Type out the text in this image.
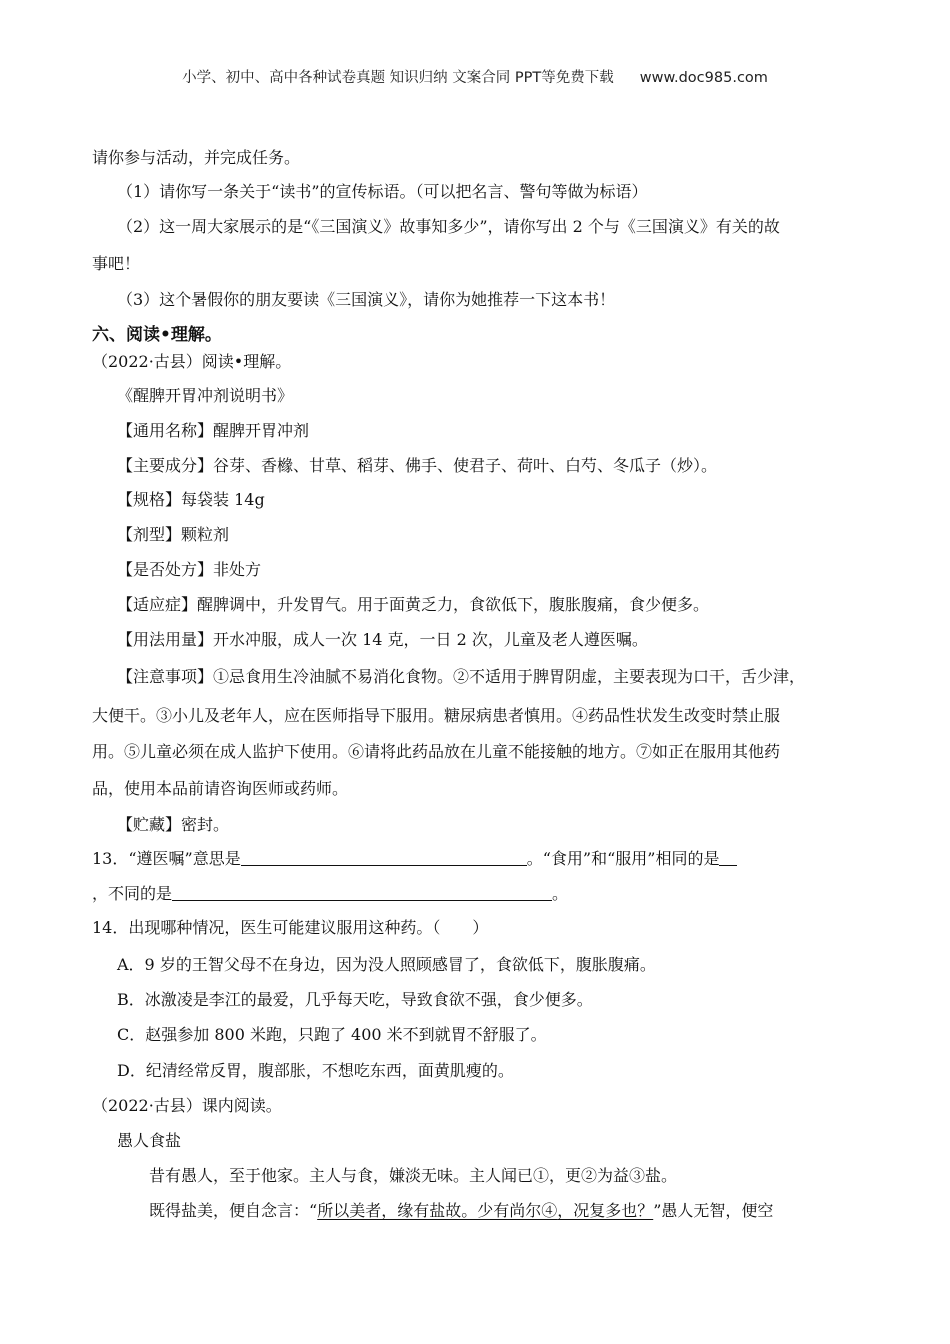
小学、初中、高中各种试卷真题 知识归纳 文案合同 PPT等免费下载 www.doc985.com
请你参与活动，并完成任务。
（1）请你写一条关于“读书”的宣传标语。（可以把名言、警句等做为标语）
（2）这一周大家展示的是“《三国演义》故事知多少”，请你写出 2 个与《三国演义》有关的故
事吧！
（3）这个暑假你的朋友要读《三国演义》，请你为她推荐一下这本书！
六、阅读•理解。
（2022·古县）阅读•理解。
《醒脾开胃冲剂说明书》
【通用名称】醒脾开胃冲剂
【主要成分】谷芽、香橼、甘草、稻芽、佛手、使君子、荷叶、白芍、冬瓜子（炒）。
【规格】每袋装 14g
【剂型】颗粒剂
【是否处方】非处方
【适应症】醒脾调中，升发胃气。用于面黄乏力，食欲低下，腹胀腹痛，食少便多。
【用法用量】开水冲服，成人一次 14 克，一日 2 次，儿童及老人遵医嘱。
【注意事项】①忌食用生冷油腻不易消化食物。②不适用于脾胃阴虚，主要表现为口干，舌少津，
大便干。③小儿及老年人，应在医师指导下服用。糖尿病患者慎用。④药品性状发生改变时禁止服
用。⑤儿童必须在成人监护下使用。⑥请将此药品放在儿童不能接触的地方。⑦如正在服用其他药
品，使用本品前请咨询医师或药师。
【贮藏】密封。
13．“遵医嘱”意思是	。“食用”和“服用”相同的是
，不同的是	。
14．出现哪种情况，医生可能建议服用这种药。（　　）
A．9 岁的王智父母不在身边，因为没人照顾感冒了，食欲低下，腹胀腹痛。
B．冰激凌是李江的最爱，几乎每天吃，导致食欲不强，食少便多。
C．赵强参加 800 米跑，只跑了 400 米不到就胃不舒服了。
D．纪清经常反胃，腹部胀，不想吃东西，面黄肌瘦的。
（2022·古县）课内阅读。
愚人食盐
昔有愚人，至于他家。主人与食，嫌淡无味。主人闻已①，更②为益③盐。
既得盐美，便自念言：“所以美者，缘有盐故。少有尚尔④，况复多也？”愚人无智，便空
